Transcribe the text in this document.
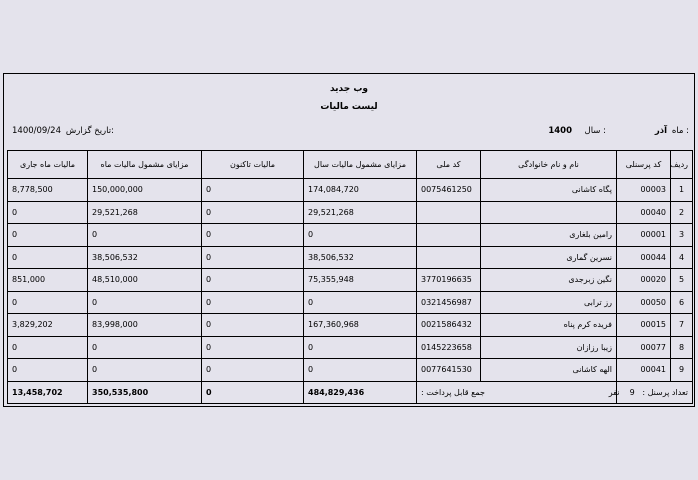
وب جدید
لیست مالیات
ماه :
آذر
سال :
1400
تاریخ گزارش:
1400/09/24
ردیف	کد پرسنلی	نام و نام خانوادگی	کد ملی	مزایای مشمول مالیات سال	مالیات تاکنون	مزایای مشمول مالیات ماه	مالیات ماه جاری
1	00003	پگاه کاشانی	0075461250	174,084,720	0	150,000,000	8,778,500
2	00040			29,521,268	0	29,521,268	0
3	00001	رامین بلغاری		0	0	0	0
4	00044	نسرین گماری		38,506,532	0	38,506,532	0
5	00020	نگین زبرجدی	3770196635	75,355,948	0	48,510,000	851,000
6	00050	رز ترابی	0321456987	0	0	0	0
7	00015	فریده کرم پناه	0021586432	167,360,968	0	83,998,000	3,829,202
8	00077	زیبا رزازان	0145223658	0	0	0	0
9	00041	الهه کاشانی	0077641530	0	0	0	0
تعداد پرسنل :   9    نفر		جمع قابل پرداخت :		484,829,436	0	350,535,800	13,458,702
